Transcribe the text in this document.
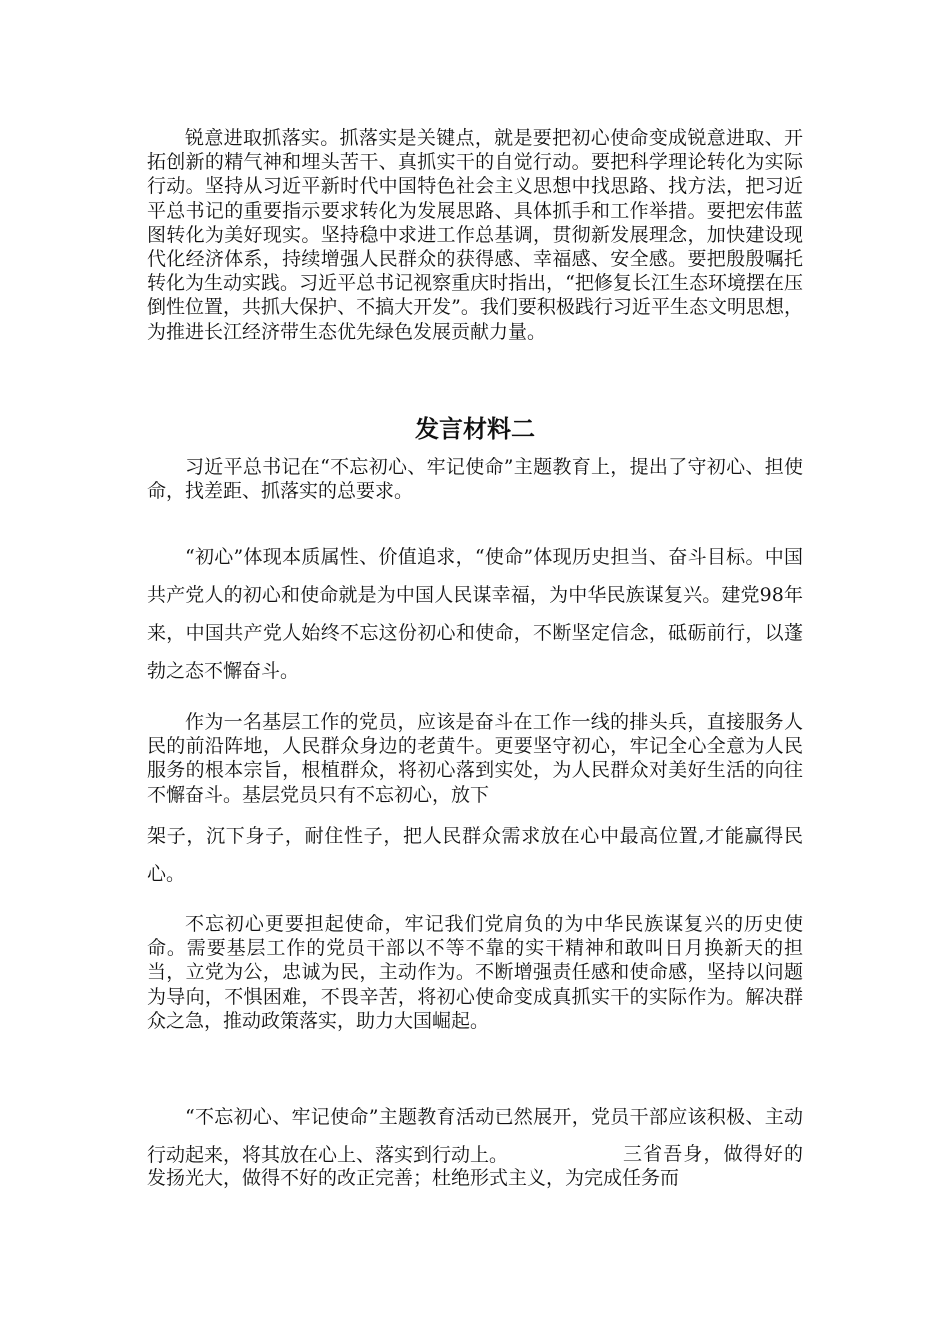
锐意进取抓落实。抓落实是关键点，就是要把初心使命变成锐意进取、开拓创新的精气神和埋头苦干、真抓实干的自觉行动。要把科学理论转化为实际行动。坚持从习近平新时代中国特色社会主义思想中找思路、找方法，把习近平总书记的重要指示要求转化为发展思路、具体抓手和工作举措。要把宏伟蓝图转化为美好现实。坚持稳中求进工作总基调，贯彻新发展理念，加快建设现代化经济体系，持续增强人民群众的获得感、幸福感、安全感。要把殷殷嘱托转化为生动实践。习近平总书记视察重庆时指出，“把修复长江生态环境摆在压倒性位置，共抓大保护、不搞大开发”。我们要积极践行习近平生态文明思想，为推进长江经济带生态优先绿色发展贡献力量。

发言材料二

习近平总书记在“不忘初心、牢记使命”主题教育上，提出了守初心、担使命，找差距、抓落实的总要求。

“初心”体现本质属性、价值追求，“使命”体现历史担当、奋斗目标。中国共产党人的初心和使命就是为中国人民谋幸福，为中华民族谋复兴。建党98年来，中国共产党人始终不忘这份初心和使命，不断坚定信念，砥砺前行，以蓬勃之态不懈奋斗。

作为一名基层工作的党员，应该是奋斗在工作一线的排头兵，直接服务人民的前沿阵地，人民群众身边的老黄牛。更要坚守初心，牢记全心全意为人民服务的根本宗旨，根植群众，将初心落到实处，为人民群众对美好生活的向往不懈奋斗。基层党员只有不忘初心，放下

架子，沉下身子，耐住性子，把人民群众需求放在心中最高位置,才能赢得民心。

不忘初心更要担起使命，牢记我们党肩负的为中华民族谋复兴的历史使命。需要基层工作的党员干部以不等不靠的实干精神和敢叫日月换新天的担当，立党为公，忠诚为民，主动作为。不断增强责任感和使命感，坚持以问题为导向，不惧困难，不畏辛苦，将初心使命变成真抓实干的实际作为。解决群众之急，推动政策落实，助力大国崛起。

“不忘初心、牢记使命”主题教育活动已然展开，党员干部应该积极、主动行动起来，将其放在心上、落实到行动上。	三省吾身，做得好的发扬光大，做得不好的改正完善；杜绝形式主义，为完成任务而
